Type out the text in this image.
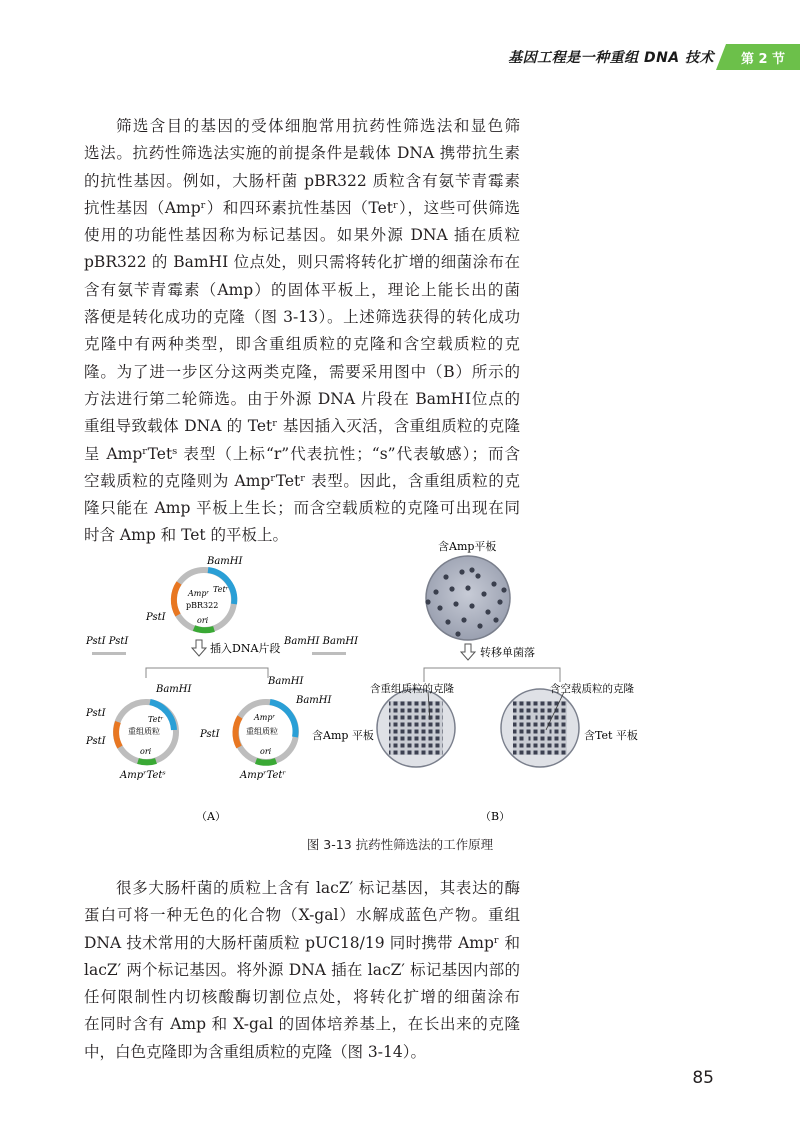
基因工程是一种重组 DNA 技术	第 2 节
筛选含目的基因的受体细胞常用抗药性筛选法和显色筛
选法。抗药性筛选法实施的前提条件是载体 DNA 携带抗生素
的抗性基因。例如，大肠杆菌 pBR322 质粒含有氨苄青霉素
抗性基因（Ampʳ）和四环素抗性基因（Tetʳ），这些可供筛选
使用的功能性基因称为标记基因。如果外源 DNA 插在质粒
pBR322 的 BamHI 位点处，则只需将转化扩增的细菌涂布在
含有氨苄青霉素（Amp）的固体平板上，理论上能长出的菌
落便是转化成功的克隆（图 3-13）。上述筛选获得的转化成功
克隆中有两种类型，即含重组质粒的克隆和含空载质粒的克
隆。为了进一步区分这两类克隆，需要采用图中（B）所示的
方法进行第二轮筛选。由于外源 DNA 片段在 BamHⅠ位点的
重组导致载体 DNA 的 Tetʳ 基因插入灭活，含重组质粒的克隆
呈 AmpʳTetˢ 表型（上标“r”代表抗性；“s”代表敏感）；而含
空载质粒的克隆则为 AmpʳTetʳ 表型。因此，含重组质粒的克
隆只能在 Amp 平板上生长；而含空载质粒的克隆可出现在同
时含 Amp 和 Tet 的平板上。
BamHI
PstI
Ampʳ Tetʳ
pBR322
ori
PstI PstI	BamHI BamHI
插入DNA片段
BamHI
PstI
PstI
Tetʳ
重组质粒
ori
AmpʳTetˢ
BamHI
BamHI
PstI
Ampʳ
重组质粒
ori
AmpʳTetʳ
（A）
含Amp平板
转移单菌落
含重组质粒的克隆	含空载质粒的克隆
含Amp 平板	含Tet 平板
（B）
图 3-13 抗药性筛选法的工作原理
很多大肠杆菌的质粒上含有 lacZ′ 标记基因，其表达的酶
蛋白可将一种无色的化合物（X-gal）水解成蓝色产物。重组
DNA 技术常用的大肠杆菌质粒 pUC18/19 同时携带 Ampʳ 和
lacZ′ 两个标记基因。将外源 DNA 插在 lacZ′ 标记基因内部的
任何限制性内切核酸酶切割位点处，将转化扩增的细菌涂布
在同时含有 Amp 和 X-gal 的固体培养基上，在长出来的克隆
中，白色克隆即为含重组质粒的克隆（图 3-14）。
85
